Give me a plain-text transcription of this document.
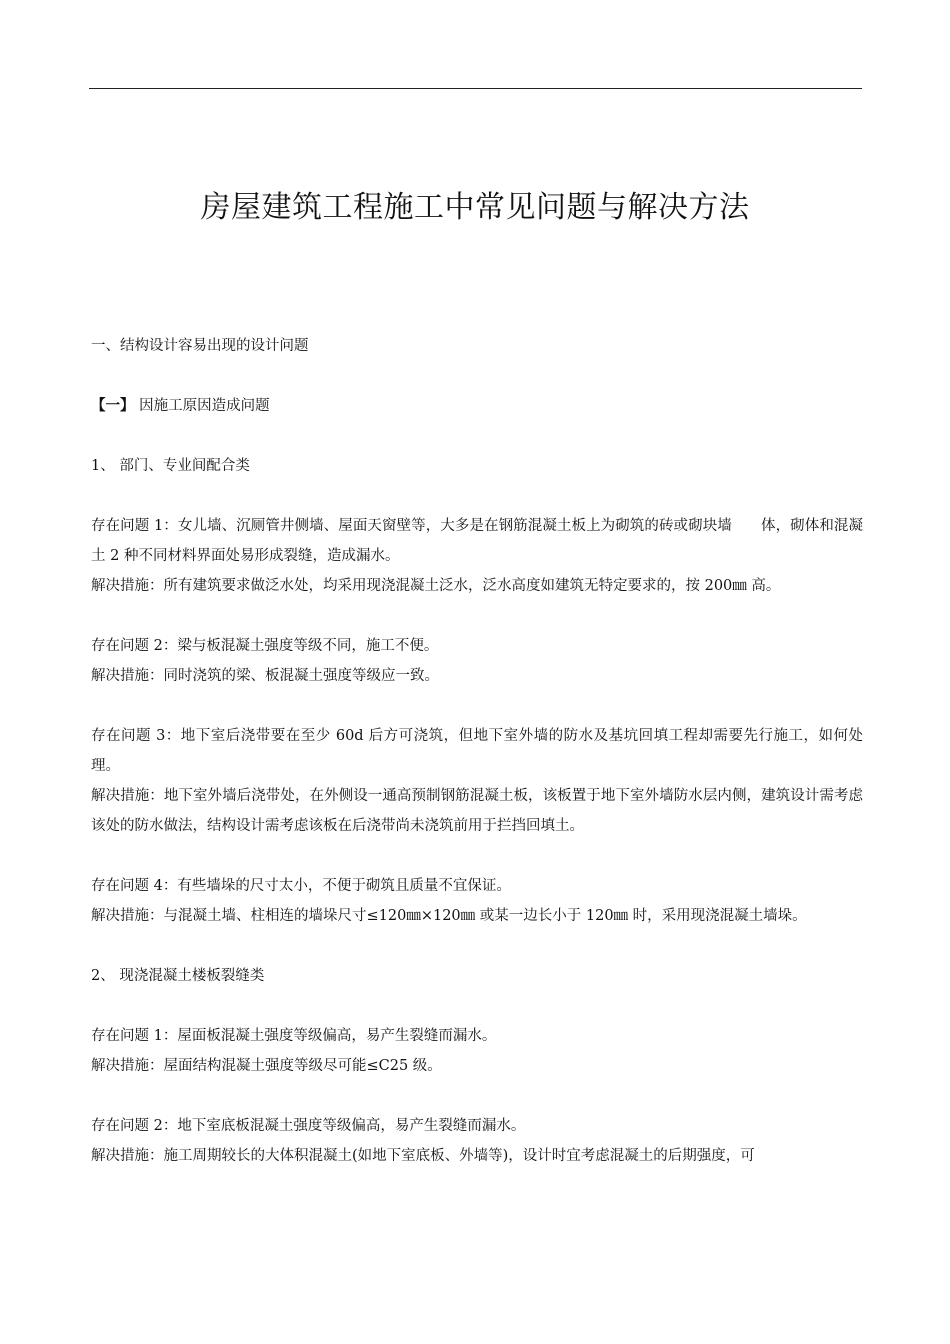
房屋建筑工程施工中常见问题与解决方法

一、结构设计容易出现的设计问题

【一】 因施工原因造成问题

1、 部门、专业间配合类

存在问题 1：女儿墙、沉厕管井侧墙、屋面天窗壁等，大多是在钢筋混凝土板上为砌筑的砖或砌块墙　　体，砌体和混凝土 2 种不同材料界面处易形成裂缝，造成漏水。

解决措施：所有建筑要求做泛水处，均采用现浇混凝土泛水，泛水高度如建筑无特定要求的，按 200㎜ 高。

存在问题 2：梁与板混凝土强度等级不同，施工不便。

解决措施：同时浇筑的梁、板混凝土强度等级应一致。

存在问题 3：地下室后浇带要在至少 60d 后方可浇筑，但地下室外墙的防水及基坑回填工程却需要先行施工，如何处理。

解决措施：地下室外墙后浇带处，在外侧设一通高预制钢筋混凝土板，该板置于地下室外墙防水层内侧，建筑设计需考虑该处的防水做法，结构设计需考虑该板在后浇带尚未浇筑前用于拦挡回填土。

存在问题 4：有些墙垛的尺寸太小，不便于砌筑且质量不宜保证。

解决措施：与混凝土墙、柱相连的墙垛尺寸≤120㎜×120㎜ 或某一边长小于 120㎜ 时，采用现浇混凝土墙垛。

2、 现浇混凝土楼板裂缝类

存在问题 1：屋面板混凝土强度等级偏高，易产生裂缝而漏水。

解决措施：屋面结构混凝土强度等级尽可能≤C25 级。

存在问题 2：地下室底板混凝土强度等级偏高，易产生裂缝而漏水。

解决措施：施工周期较长的大体积混凝土(如地下室底板、外墙等)，设计时宜考虑混凝土的后期强度，可
